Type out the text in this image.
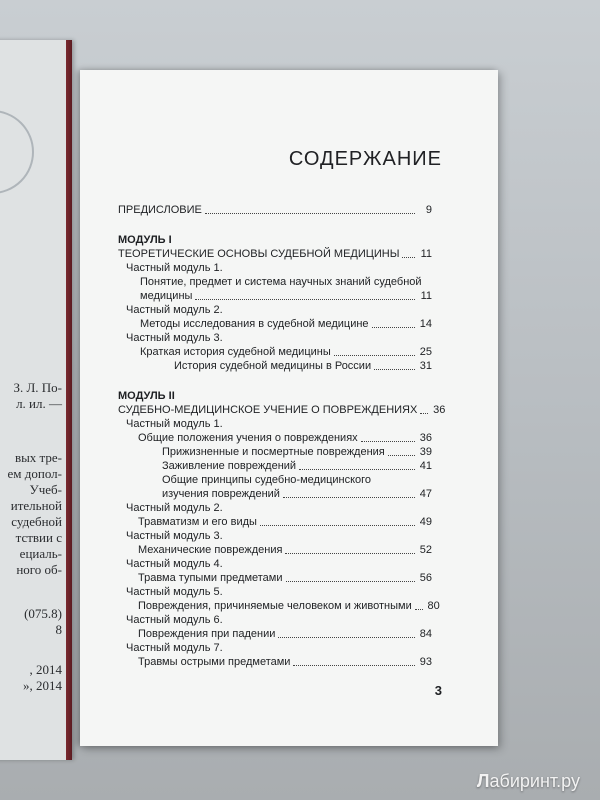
З. Л. По-
л. ил. —
вых тре-
ем допол-
Учеб-
ительной
судебной
тствии с
ециаль-
ного об-
(075.8)
8
, 2014
», 2014
СОДЕРЖАНИЕ
ПРЕДИСЛОВИЕ	9
МОДУЛЬ I
ТЕОРЕТИЧЕСКИЕ ОСНОВЫ СУДЕБНОЙ МЕДИЦИНЫ 11
Частный модуль 1.
Понятие, предмет и система научных знаний судебной
медицины	11
Частный модуль 2.
Методы исследования в судебной медицине	14
Частный модуль 3.
Краткая история судебной медицины	25
История судебной медицины в России	31
МОДУЛЬ II
СУДЕБНО-МЕДИЦИНСКОЕ УЧЕНИЕ О ПОВРЕЖДЕНИЯХ 36
Частный модуль 1.
Общие положения учения о повреждениях	36
Прижизненные и посмертные повреждения	39
Заживление повреждений	41
Общие принципы судебно-медицинского
изучения повреждений	47
Частный модуль 2.
Травматизм и его виды	49
Частный модуль 3.
Механические повреждения	52
Частный модуль 4.
Травма тупыми предметами	56
Частный модуль 5.
Повреждения, причиняемые человеком и животными 80
Частный модуль 6.
Повреждения при падении	84
Частный модуль 7.
Травмы острыми предметами	93
3
Лабиринт.ру
